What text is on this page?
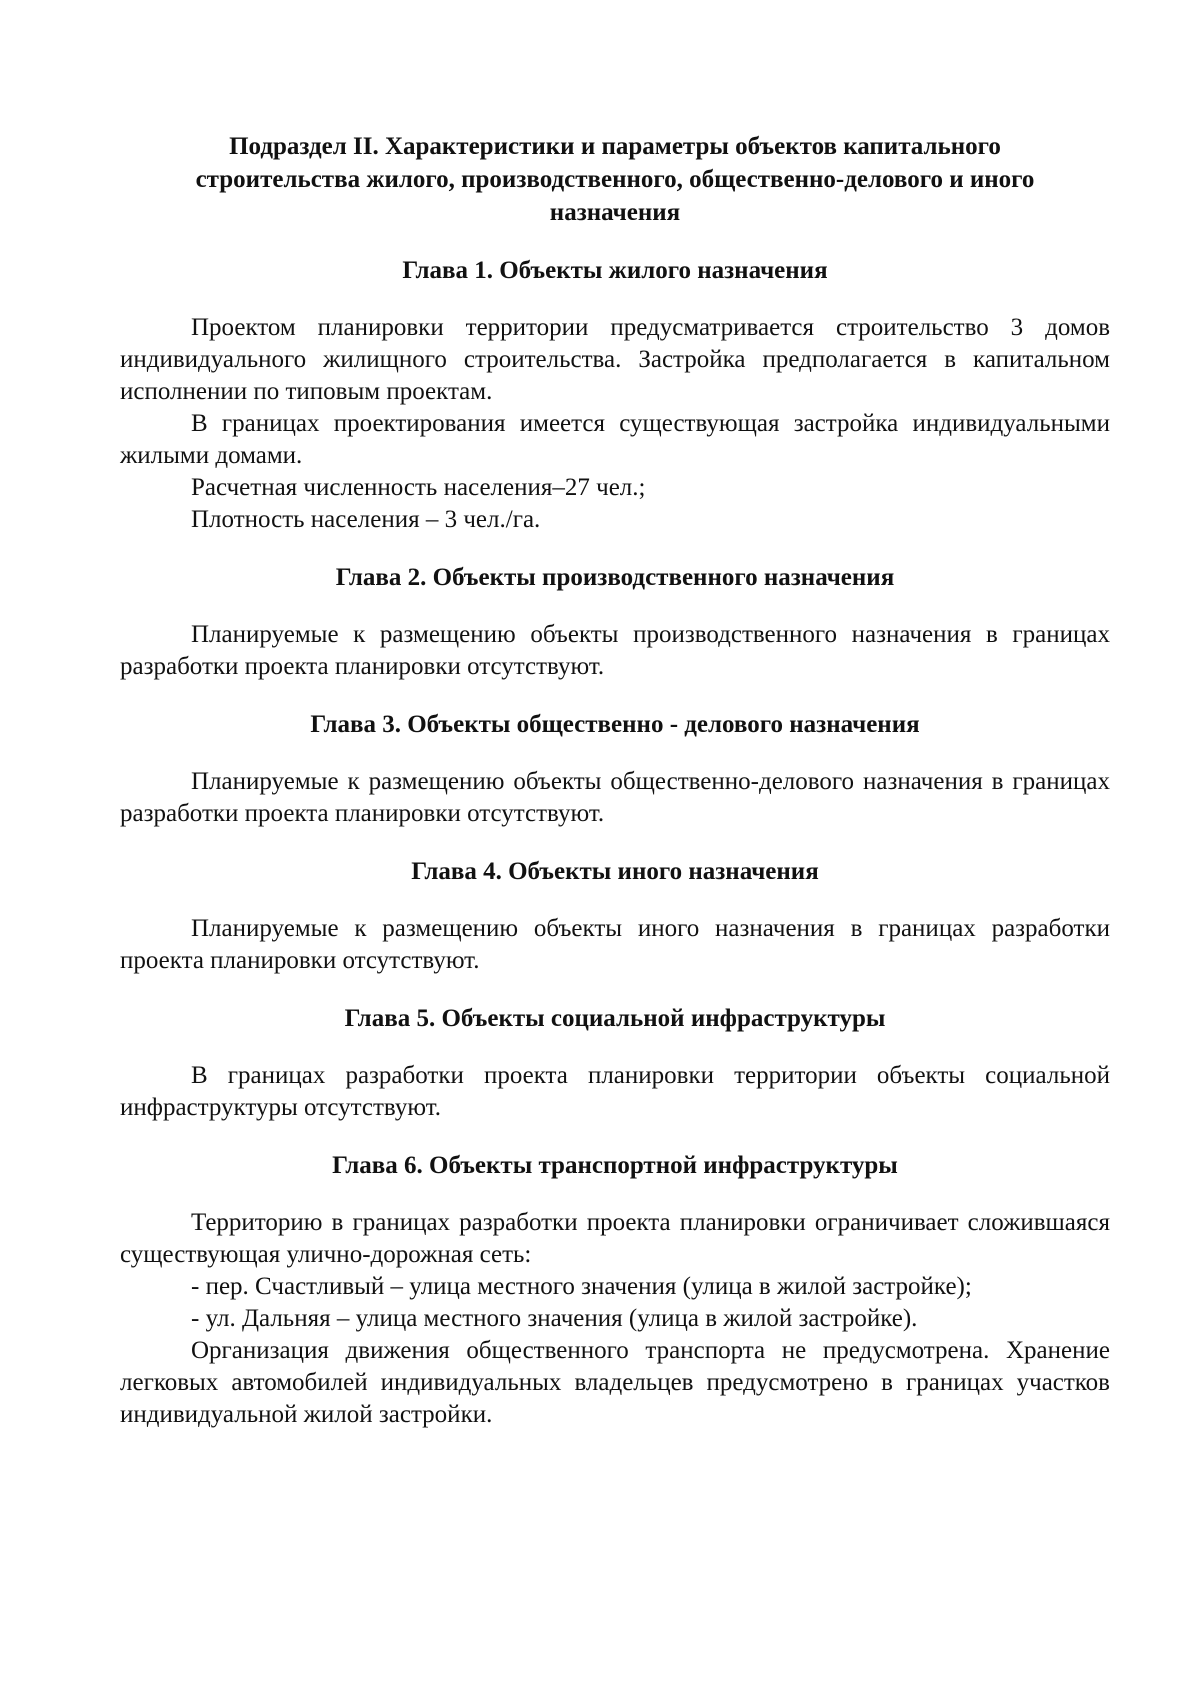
Подраздел II. Характеристики и параметры объектов капитального строительства жилого, производственного, общественно-делового и иного назначения
Глава 1. Объекты жилого назначения

Проектом планировки территории предусматривается строительство 3 домов индивидуального жилищного строительства. Застройка предполагается в капитальном исполнении по типовым проектам.

В границах проектирования имеется существующая застройка индивидуальными жилыми домами.

Расчетная численность населения–27 чел.;

Плотность населения – 3 чел./га.

Глава 2. Объекты производственного назначения

Планируемые к размещению объекты производственного назначения в границах разработки проекта планировки отсутствуют.

Глава 3. Объекты общественно - делового назначения

Планируемые к размещению объекты общественно-делового назначения в границах разработки проекта планировки отсутствуют.

Глава 4. Объекты иного назначения

Планируемые к размещению объекты иного назначения в границах разработки проекта планировки отсутствуют.

Глава 5. Объекты социальной инфраструктуры

В границах разработки проекта планировки территории объекты социальной инфраструктуры отсутствуют.

Глава 6. Объекты транспортной инфраструктуры

Территорию в границах разработки проекта планировки ограничивает сложившаяся существующая улично-дорожная сеть:

- пер. Счастливый – улица местного значения (улица в жилой застройке);

- ул. Дальняя – улица местного значения (улица в жилой застройке).

Организация движения общественного транспорта не предусмотрена. Хранение легковых автомобилей индивидуальных владельцев предусмотрено в границах участков индивидуальной жилой застройки.
